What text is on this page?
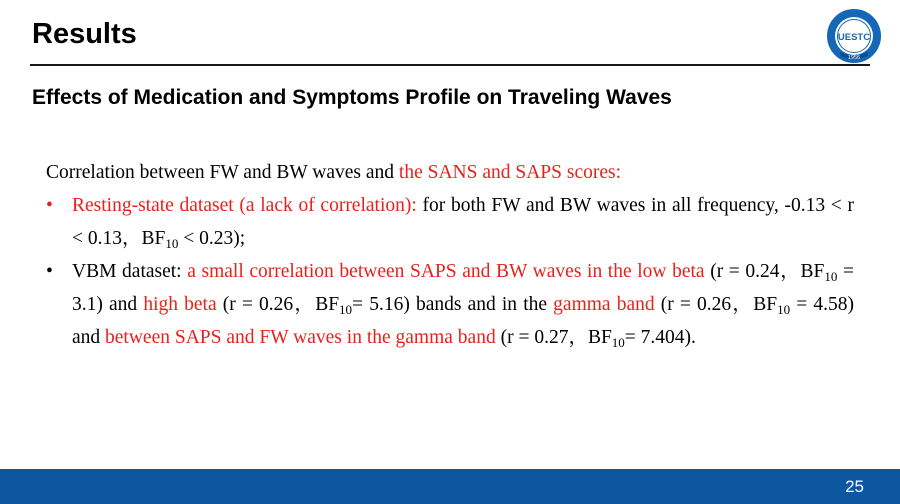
Results	UESTC
1956
Effects of Medication and Symptoms Profile on Traveling Waves

Correlation between FW and BW waves and the SANS and SAPS scores:

• Resting-state dataset (a lack of correlation): for both FW and BW waves in all frequency, -0.13 < r < 0.13，$BF_{10} < 0.23$);
• VBM dataset: a small correlation between SAPS and BW waves in the low beta (r = 0.24，$BF_{10} = 3.1$) and high beta (r = 0.26，$BF_{10}= 5.16$) bands and in the gamma band (r = 0.26，$BF_{10} = 4.58$) and between SAPS and FW waves in the gamma band (r = 0.27，$BF_{10}= 7.404$).
25
